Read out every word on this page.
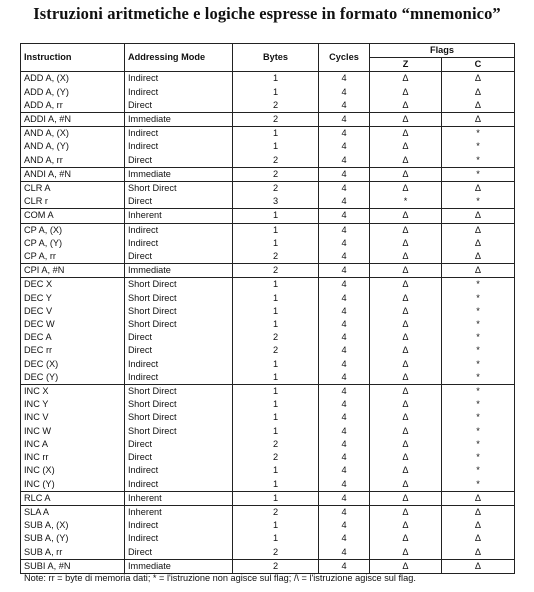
Istruzioni aritmetiche e logiche espresse in formato “mnemonico”
Instruction	Addressing Mode	Bytes	Cycles	Flags	
				Z	C
ADD A, (X)	Indirect	1	4	Δ	Δ
ADD A, (Y)	Indirect	1	4	Δ	Δ
ADD A, rr	Direct	2	4	Δ	Δ
ADDI A, #N	Immediate	2	4	Δ	Δ
AND A, (X)	Indirect	1	4	Δ	*
AND A, (Y)	Indirect	1	4	Δ	*
AND A, rr	Direct	2	4	Δ	*
ANDI A, #N	Immediate	2	4	Δ	*
CLR A	Short Direct	2	4	Δ	Δ
CLR r	Direct	3	4	*	*
COM A	Inherent	1	4	Δ	Δ
CP A, (X)	Indirect	1	4	Δ	Δ
CP A, (Y)	Indirect	1	4	Δ	Δ
CP A, rr	Direct	2	4	Δ	Δ
CPI A, #N	Immediate	2	4	Δ	Δ
DEC X	Short Direct	1	4	Δ	*
DEC Y	Short Direct	1	4	Δ	*
DEC V	Short Direct	1	4	Δ	*
DEC W	Short Direct	1	4	Δ	*
DEC A	Direct	2	4	Δ	*
DEC rr	Direct	2	4	Δ	*
DEC (X)	Indirect	1	4	Δ	*
DEC (Y)	Indirect	1	4	Δ	*
INC X	Short Direct	1	4	Δ	*
INC Y	Short Direct	1	4	Δ	*
INC V	Short Direct	1	4	Δ	*
INC W	Short Direct	1	4	Δ	*
INC A	Direct	2	4	Δ	*
INC rr	Direct	2	4	Δ	*
INC (X)	Indirect	1	4	Δ	*
INC (Y)	Indirect	1	4	Δ	*
RLC A	Inherent	1	4	Δ	Δ
SLA A	Inherent	2	4	Δ	Δ
SUB A, (X)	Indirect	1	4	Δ	Δ
SUB A, (Y)	Indirect	1	4	Δ	Δ
SUB A, rr	Direct	2	4	Δ	Δ
SUBI A, #N	Immediate	2	4	Δ	Δ
Note: rr = byte di memoria dati; * = l'istruzione non agisce sul flag; /\ = l'istruzione agisce sul flag.
